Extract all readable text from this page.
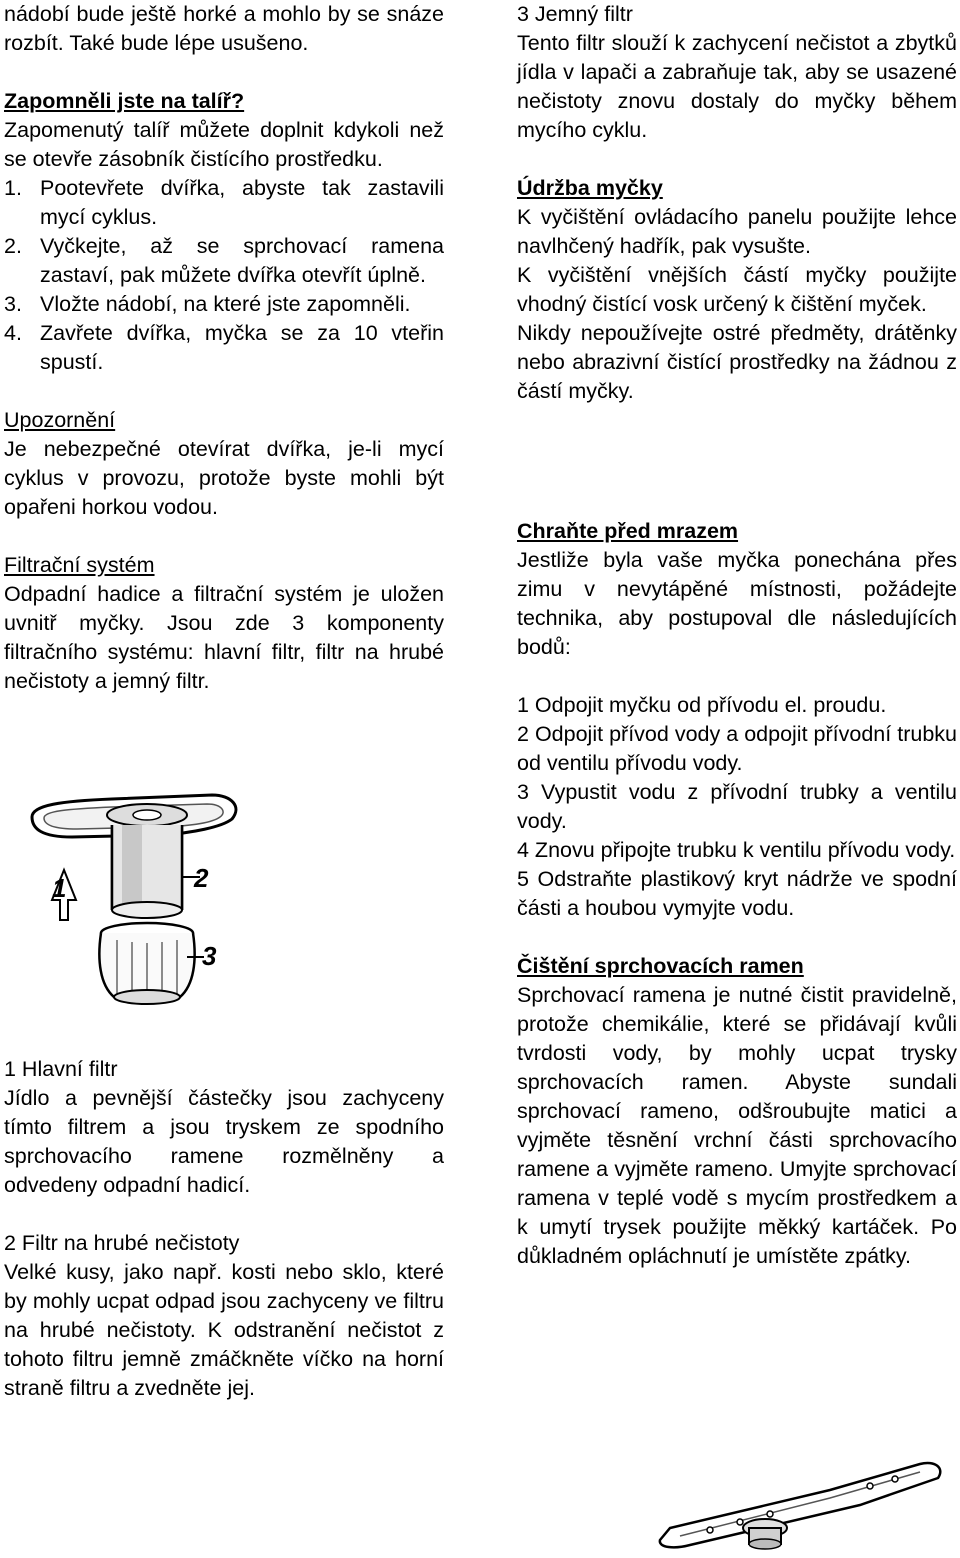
nádobí bude ještě horké a mohlo by se snáze rozbít. Také bude lépe usušeno.

Zapomněli jste na talíř?

Zapomenutý talíř můžete doplnit kdykoli než se otevře zásobník čistícího prostředku.

1. Pootevřete dvířka, abyste tak zastavili mycí cyklus.
2. Vyčkejte, až se sprchovací ramena zastaví, pak můžete dvířka otevřít úplně.
3. Vložte nádobí, na které jste zapomněli.
4. Zavřete dvířka, myčka se za 10 vteřin spustí.

Upozornění

Je nebezpečné otevírat dvířka, je-li mycí cyklus v provozu, protože byste mohli být opařeni horkou vodou.

Filtrační systém

Odpadní hadice a filtrační systém je uložen uvnitř myčky. Jsou zde 3 komponenty filtračního systému: hlavní filtr, filtr na hrubé nečistoty a jemný filtr.

1	2
3

1 Hlavní filtr

Jídlo a pevnější částečky jsou zachyceny tímto filtrem a jsou tryskem ze spodního sprchovacího ramene rozmělněny a odvedeny odpadní hadicí.

2 Filtr na hrubé nečistoty

Velké kusy, jako např. kosti nebo sklo, které by mohly ucpat odpad jsou zachyceny ve filtru na hrubé nečistoty. K odstranění nečistot z tohoto filtru jemně zmáčkněte víčko na horní straně filtru a zvedněte jej.

3 Jemný filtr

Tento filtr slouží k zachycení nečistot a zbytků jídla v lapači a zabraňuje tak, aby se usazené nečistoty znovu dostaly do myčky během mycího cyklu.

Údržba myčky

K vyčištění ovládacího panelu použijte lehce navlhčený hadřík, pak vysušte.

K vyčištění vnějších částí myčky použijte vhodný čistící vosk určený k čištění myček.

Nikdy nepoužívejte ostré předměty, drátěnky nebo abrazivní čistící prostředky na žádnou z částí myčky.

Chraňte před mrazem

Jestliže byla vaše myčka ponechána přes zimu v nevytápěné místnosti, požádejte technika, aby postupoval dle následujících bodů:

1 Odpojit myčku od přívodu el. proudu.

2 Odpojit přívod vody a odpojit přívodní trubku od ventilu přívodu vody.

3 Vypustit vodu z přívodní trubky a ventilu vody.

4 Znovu připojte trubku k ventilu přívodu vody.

5 Odstraňte plastikový kryt nádrže ve spodní části a houbou vymyjte vodu.

Čištění sprchovacích ramen

Sprchovací ramena je nutné čistit pravidelně, protože chemikálie, které se přidávají kvůli tvrdosti vody, by mohly ucpat trysky sprchovacích ramen. Abyste sundali sprchovací rameno, odšroubujte matici a vyjměte těsnění vrchní části sprchovacího ramene a vyjměte rameno. Umyjte sprchovací ramena v teplé vodě s mycím prostředkem a k umytí trysek použijte měkký kartáček. Po důkladném opláchnutí je umístěte zpátky.
